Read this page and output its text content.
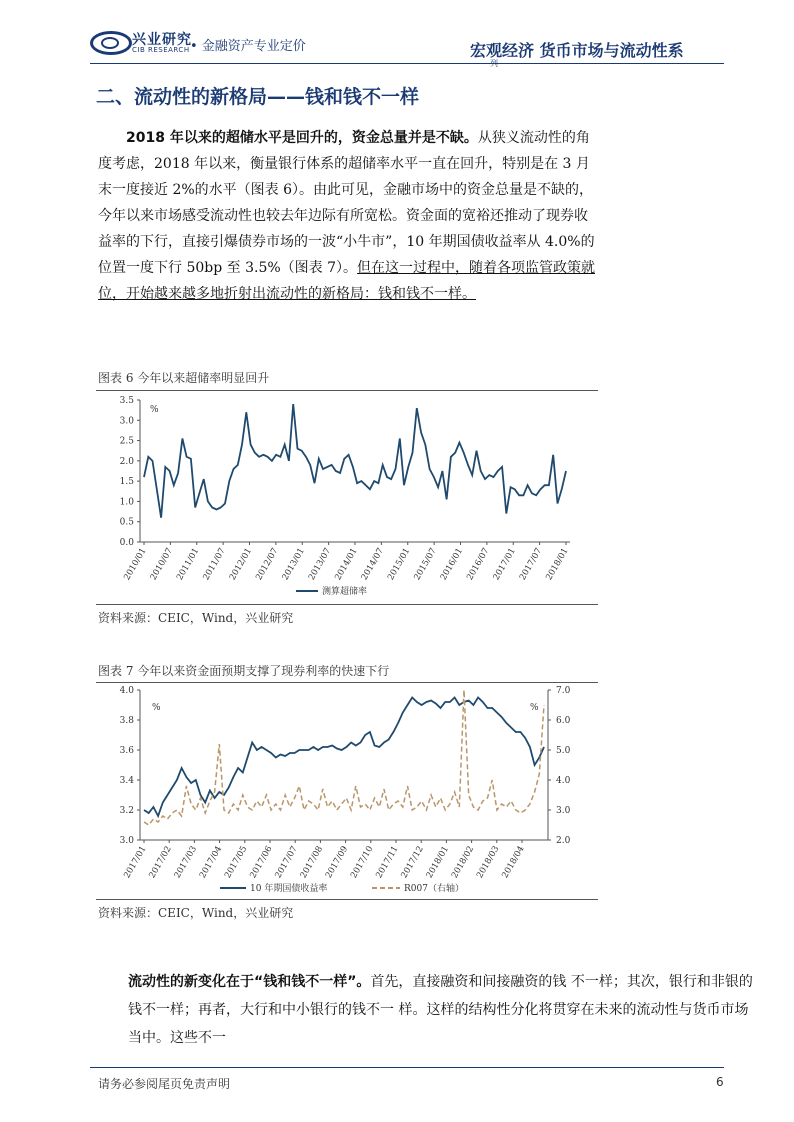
兴业研究
CIB RESEARCH • 金融资产专业定价	宏观经济 货币市场与流动性系
二、流动性的新格局——钱和钱不一样
2018 年以来的超储水平是回升的，资金总量并是不缺。从狭义流动性的角度考虑，2018 年以来，衡量银行体系的超储率水平一直在回升，特别是在 3 月末一度接近 2%的水平（图表 6）。由此可见，金融市场中的资金总量是不缺的，今年以来市场感受流动性也较去年边际有所宽松。资金面的宽裕还推动了现券收益率的下行，直接引爆债券市场的一波“小牛市”，10 年期国债收益率从 4.0%的位置一度下行 50bp 至 3.5%（图表 7）。但在这一过程中，随着各项监管政策就位，开始越来越多地折射出流动性的新格局：钱和钱不一样。
图表 6 今年以来超储率明显回升
0.0
0.5
1.0
1.5
2.0
2.5
3.0
3.5
%
2010/01 2010/07 2011/01 2011/07 2012/01 2012/07 2013/01 2013/07 2014/01 2014/07 2015/01 2015/07 2016/01 2016/07 2017/01 2017/07 2018/01
测算超储率
资料来源：CEIC，Wind，兴业研究
图表 7 今年以来资金面预期支撑了现券利率的快速下行
3.0
3.2
3.4
3.6
3.8
4.0
2.0
3.0
4.0
5.0
6.0
7.0
%	%
2017/01
2017/02
2017/03
2017/04
2017/05
2017/06
2017/07
2017/08
2017/09
2017/10
2017/11
2017/12
2018/01
2018/02
2018/03
2018/04
10 年期国债收益率	R007（右轴）
资料来源：CEIC，Wind，兴业研究
流动性的新变化在于“钱和钱不一样”。首先，直接融资和间接融资的钱 不一样；其次，银行和非银的钱不一样；再者，大行和中小银行的钱不一 样。这样的结构性分化将贯穿在未来的流动性与货币市场当中。这些不一
请务必参阅尾页免责声明	6
